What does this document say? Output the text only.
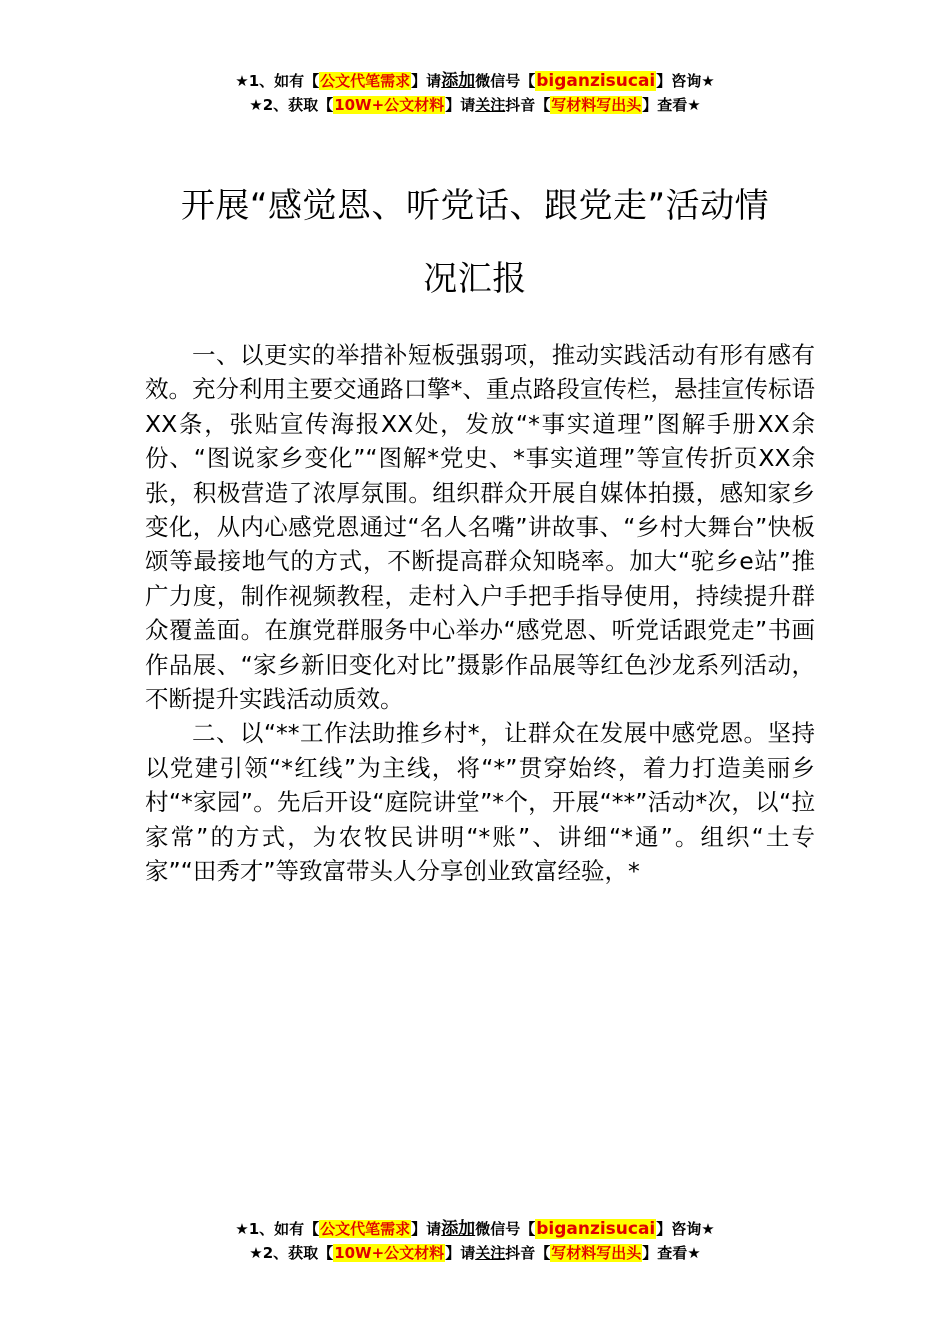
★1、如有【公文代笔需求】请添加微信号【biganzisucai】咨询★
★2、获取【10W+公文材料】请关注抖音【写材料写出头】查看★
开展“感觉恩、听党话、跟党走”活动情
况汇报

一、以更实的举措补短板强弱项，推动实践活动有形有感有效。充分利用主要交通路口擎*、重点路段宣传栏，悬挂宣传标语XX条，张贴宣传海报XX处，发放“*事实道理”图解手册XX余份、“图说家乡变化”“图解*党史、*事实道理”等宣传折页XX余张，积极营造了浓厚氛围。组织群众开展自媒体拍摄，感知家乡变化，从内心感党恩通过“名人名嘴”讲故事、“乡村大舞台”快板颂等最接地气的方式，不断提高群众知晓率。加大“驼乡e站”推广力度，制作视频教程，走村入户手把手指导使用，持续提升群众覆盖面。在旗党群服务中心举办“感党恩、听党话跟党走”书画作品展、“家乡新旧变化对比”摄影作品展等红色沙龙系列活动，不断提升实践活动质效。

二、以“**工作法助推乡村*，让群众在发展中感党恩。坚持以党建引领“*红线”为主线，将“*”贯穿始终，着力打造美丽乡村“*家园”。先后开设“庭院讲堂”*个，开展“**”活动*次，以“拉家常”的方式，为农牧民讲明“*账”、讲细“*通”。组织“土专家”“田秀才”等致富带头人分享创业致富经验，*

★1、如有【公文代笔需求】请添加微信号【biganzisucai】咨询★
★2、获取【10W+公文材料】请关注抖音【写材料写出头】查看★
